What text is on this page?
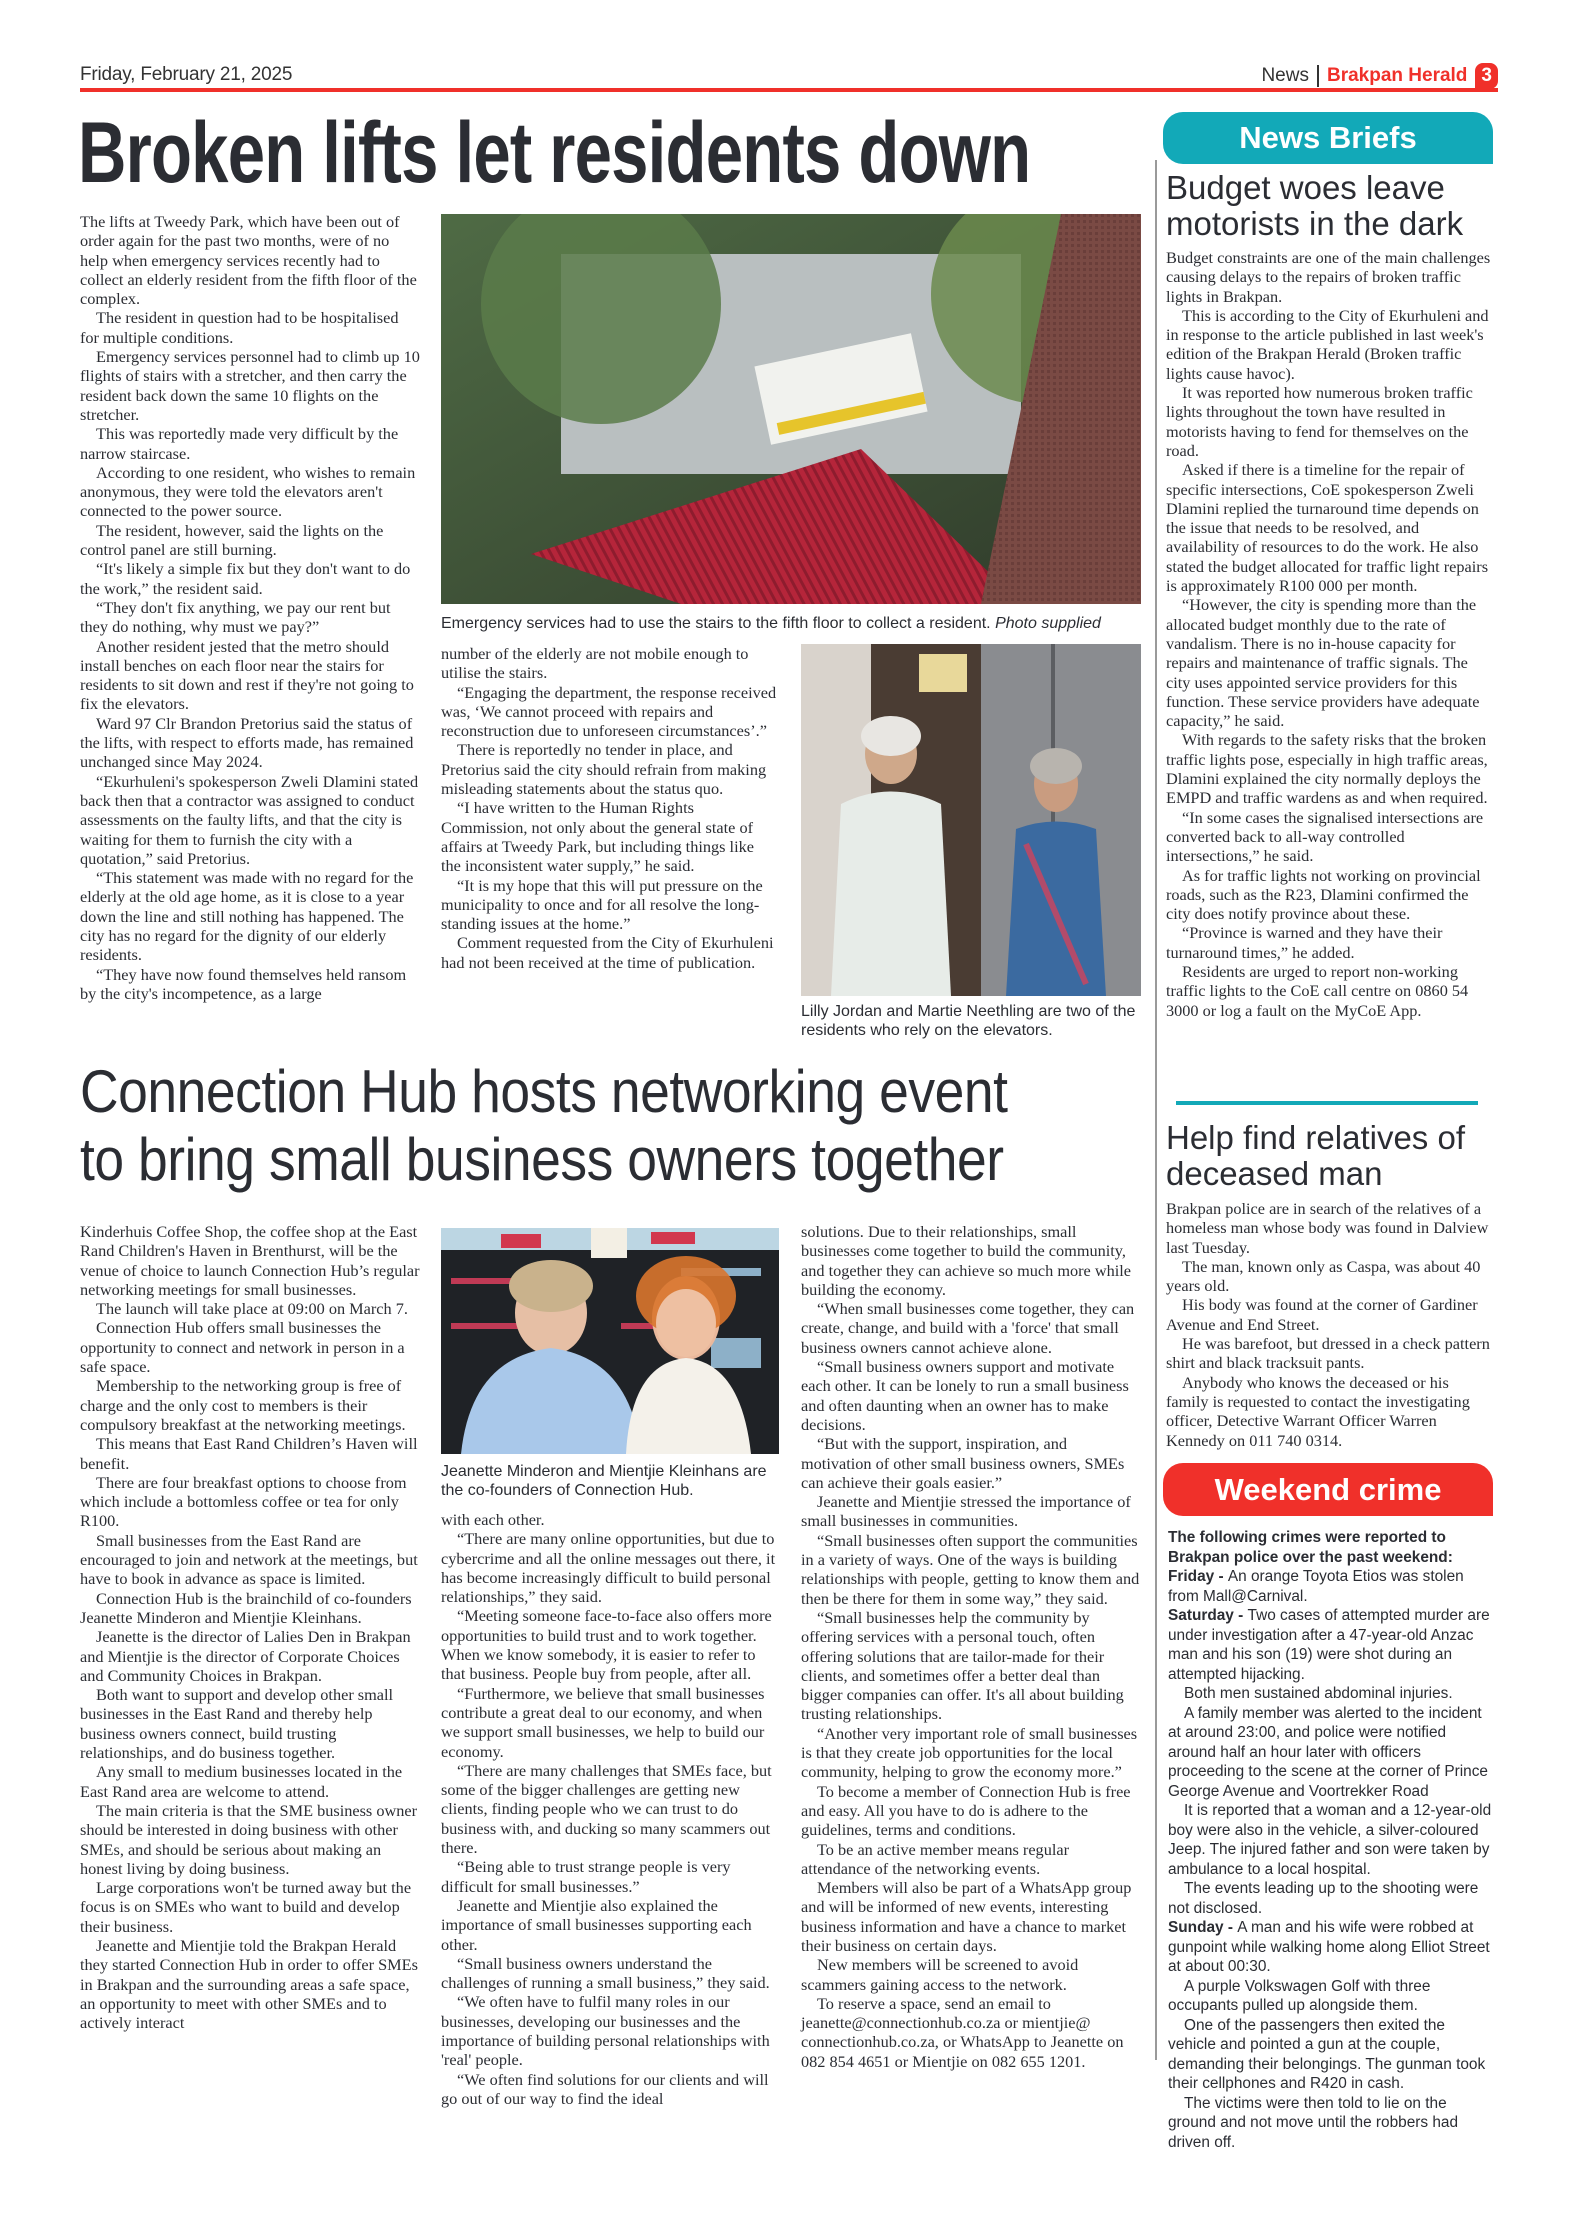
Friday, February 21, 2025	News Brakpan Herald 3
Broken lifts let residents down

The lifts at Tweedy Park, which have been out of order again for the past two months, were of no help when emergency services recently had to collect an elderly resident from the fifth floor of the complex.

The resident in question had to be hospitalised for multiple conditions.

Emergency services personnel had to climb up 10 flights of stairs with a stretcher, and then carry the resident back down the same 10 flights on the stretcher.

This was reportedly made very difficult by the narrow staircase.

According to one resident, who wishes to remain anonymous, they were told the elevators aren't connected to the power source.

The resident, however, said the lights on the control panel are still burning.

“It's likely a simple fix but they don't want to do the work,” the resident said.

“They don't fix anything, we pay our rent but they do nothing, why must we pay?”

Another resident jested that the metro should install benches on each floor near the stairs for residents to sit down and rest if they're not going to fix the elevators.

Ward 97 Clr Brandon Pretorius said the status of the lifts, with respect to efforts made, has remained unchanged since May 2024.

“Ekurhuleni's spokesperson Zweli Dlamini stated back then that a contractor was assigned to conduct assessments on the faulty lifts, and that the city is waiting for them to furnish the city with a quotation,” said Pretorius.

“This statement was made with no regard for the elderly at the old age home, as it is close to a year down the line and still nothing has happened. The city has no regard for the dignity of our elderly residents.

“They have now found themselves held ransom by the city's incompetence, as a large

Emergency services had to use the stairs to the fifth floor to collect a resident. Photo supplied

number of the elderly are not mobile enough to utilise the stairs.

“Engaging the department, the response received was, ‘We cannot proceed with repairs and reconstruction due to unforeseen circumstances’.”

There is reportedly no tender in place, and Pretorius said the city should refrain from making misleading statements about the status quo.

“I have written to the Human Rights Commission, not only about the general state of affairs at Tweedy Park, but including things like the inconsistent water supply,” he said.

“It is my hope that this will put pressure on the municipality to once and for all resolve the long-standing issues at the home.”

Comment requested from the City of Ekurhuleni had not been received at the time of publication.

Lilly Jordan and Martie Neethling are two of the residents who rely on the elevators.
Connection Hub hosts networking event
to bring small business owners together

Kinderhuis Coffee Shop, the coffee shop at the East Rand Children's Haven in Brenthurst, will be the venue of choice to launch Connection Hub’s regular networking meetings for small businesses.

The launch will take place at 09:00 on March 7.

Connection Hub offers small businesses the opportunity to connect and network in person in a safe space.

Membership to the networking group is free of charge and the only cost to members is their compulsory breakfast at the networking meetings.

This means that East Rand Children’s Haven will benefit.

There are four breakfast options to choose from which include a bottomless coffee or tea for only R100.

Small businesses from the East Rand are encouraged to join and network at the meetings, but have to book in advance as space is limited.

Connection Hub is the brainchild of co-founders Jeanette Minderon and Mientjie Kleinhans.

Jeanette is the director of Lalies Den in Brakpan and Mientjie is the director of Corporate Choices and Community Choices in Brakpan.

Both want to support and develop other small businesses in the East Rand and thereby help business owners connect, build trusting relationships, and do business together.

Any small to medium businesses located in the East Rand area are welcome to attend.

The main criteria is that the SME business owner should be interested in doing business with other SMEs, and should be serious about making an honest living by doing business.

Large corporations won't be turned away but the focus is on SMEs who want to build and develop their business.

Jeanette and Mientjie told the Brakpan Herald they started Connection Hub in order to offer SMEs in Brakpan and the surrounding areas a safe space, an opportunity to meet with other SMEs and to actively interact

Jeanette Minderon and Mientjie Kleinhans are the co-founders of Connection Hub.

with each other.

“There are many online opportunities, but due to cybercrime and all the online messages out there, it has become increasingly difficult to build personal relationships,” they said.

“Meeting someone face-to-face also offers more opportunities to build trust and to work together. When we know somebody, it is easier to refer to that business. People buy from people, after all.

“Furthermore, we believe that small businesses contribute a great deal to our economy, and when we support small businesses, we help to build our economy.

“There are many challenges that SMEs face, but some of the bigger challenges are getting new clients, finding people who we can trust to do business with, and ducking so many scammers out there.

“Being able to trust strange people is very difficult for small businesses.”

Jeanette and Mientjie also explained the importance of small businesses supporting each other.

“Small business owners understand the challenges of running a small business,” they said.

“We often have to fulfil many roles in our businesses, developing our businesses and the importance of building personal relationships with 'real' people.

“We often find solutions for our clients and will go out of our way to find the ideal

solutions. Due to their relationships, small businesses come together to build the community, and together they can achieve so much more while building the economy.

“When small businesses come together, they can create, change, and build with a 'force' that small business owners cannot achieve alone.

“Small business owners support and motivate each other. It can be lonely to run a small business and often daunting when an owner has to make decisions.

“But with the support, inspiration, and motivation of other small business owners, SMEs can achieve their goals easier.”

Jeanette and Mientjie stressed the importance of small businesses in communities.

“Small businesses often support the communities in a variety of ways. One of the ways is building relationships with people, getting to know them and then be there for them in some way,” they said.

“Small businesses help the community by offering services with a personal touch, often offering solutions that are tailor-made for their clients, and sometimes offer a better deal than bigger companies can offer. It's all about building trusting relationships.

“Another very important role of small businesses is that they create job opportunities for the local community, helping to grow the economy more.”

To become a member of Connection Hub is free and easy. All you have to do is adhere to the guidelines, terms and conditions.

To be an active member means regular attendance of the networking events.

Members will also be part of a WhatsApp group and will be informed of new events, interesting business information and have a chance to market their business on certain days.

New members will be screened to avoid scammers gaining access to the network.

To reserve a space, send an email to jeanette@connectionhub.co.za or mientjie@ connectionhub.co.za, or WhatsApp to Jeanette on 082 854 4651 or Mientjie on 082 655 1201.

News Briefs
Budget woes leave motorists in the dark

Budget constraints are one of the main challenges causing delays to the repairs of broken traffic lights in Brakpan.

This is according to the City of Ekurhuleni and in response to the article published in last week's edition of the Brakpan Herald (Broken traffic lights cause havoc).

It was reported how numerous broken traffic lights throughout the town have resulted in motorists having to fend for themselves on the road.

Asked if there is a timeline for the repair of specific intersections, CoE spokesperson Zweli Dlamini replied the turnaround time depends on the issue that needs to be resolved, and availability of resources to do the work. He also stated the budget allocated for traffic light repairs is approximately R100 000 per month.

“However, the city is spending more than the allocated budget monthly due to the rate of vandalism. There is no in-house capacity for repairs and maintenance of traffic signals. The city uses appointed service providers for this function. These service providers have adequate capacity,” he said.

With regards to the safety risks that the broken traffic lights pose, especially in high traffic areas, Dlamini explained the city normally deploys the EMPD and traffic wardens as and when required.

“In some cases the signalised intersections are converted back to all-way controlled intersections,” he said.

As for traffic lights not working on provincial roads, such as the R23, Dlamini confirmed the city does notify province about these.

“Province is warned and they have their turnaround times,” he added.

Residents are urged to report non-working traffic lights to the CoE call centre on 0860 54 3000 or log a fault on the MyCoE App.

Help find relatives of deceased man

Brakpan police are in search of the relatives of a homeless man whose body was found in Dalview last Tuesday.

The man, known only as Caspa, was about 40 years old.

His body was found at the corner of Gardiner Avenue and End Street.

He was barefoot, but dressed in a check pattern shirt and black tracksuit pants.

Anybody who knows the deceased or his family is requested to contact the investigating officer, Detective Warrant Officer Warren Kennedy on 011 740 0314.

Weekend crime

The following crimes were reported to Brakpan police over the past weekend:

Friday - An orange Toyota Etios was stolen from Mall@Carnival.

Saturday - Two cases of attempted murder are under investigation after a 47-year-old Anzac man and his son (19) were shot during an attempted hijacking.

Both men sustained abdominal injuries.

A family member was alerted to the incident at around 23:00, and police were notified around half an hour later with officers proceeding to the scene at the corner of Prince George Avenue and Voortrekker Road

It is reported that a woman and a 12-year-old boy were also in the vehicle, a silver-coloured Jeep. The injured father and son were taken by ambulance to a local hospital.

The events leading up to the shooting were not disclosed.

Sunday - A man and his wife were robbed at gunpoint while walking home along Elliot Street at about 00:30.

A purple Volkswagen Golf with three occupants pulled up alongside them.

One of the passengers then exited the vehicle and pointed a gun at the couple, demanding their belongings. The gunman took their cellphones and R420 in cash.

The victims were then told to lie on the ground and not move until the robbers had driven off.
